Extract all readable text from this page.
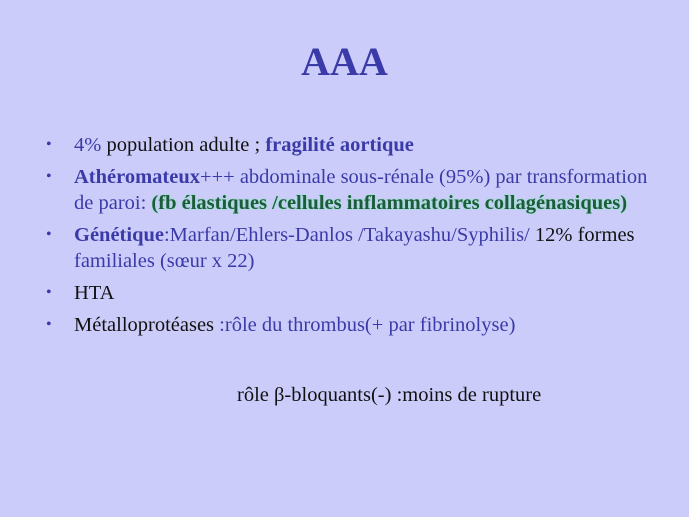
AAA
• 4% population adulte ; fragilité aortique
• Athéromateux+++ abdominale sous-rénale (95%) par transformation de paroi: (fb élastiques /cellules inflammatoires collagénasiques)
• Génétique:Marfan/Ehlers-Danlos /Takayashu/Syphilis/ 12% formes familiales (sœur x 22)
• HTA
• Métalloprotéases :rôle du thrombus(+ par fibrinolyse)
rôle β-bloquants(-) :moins de rupture
